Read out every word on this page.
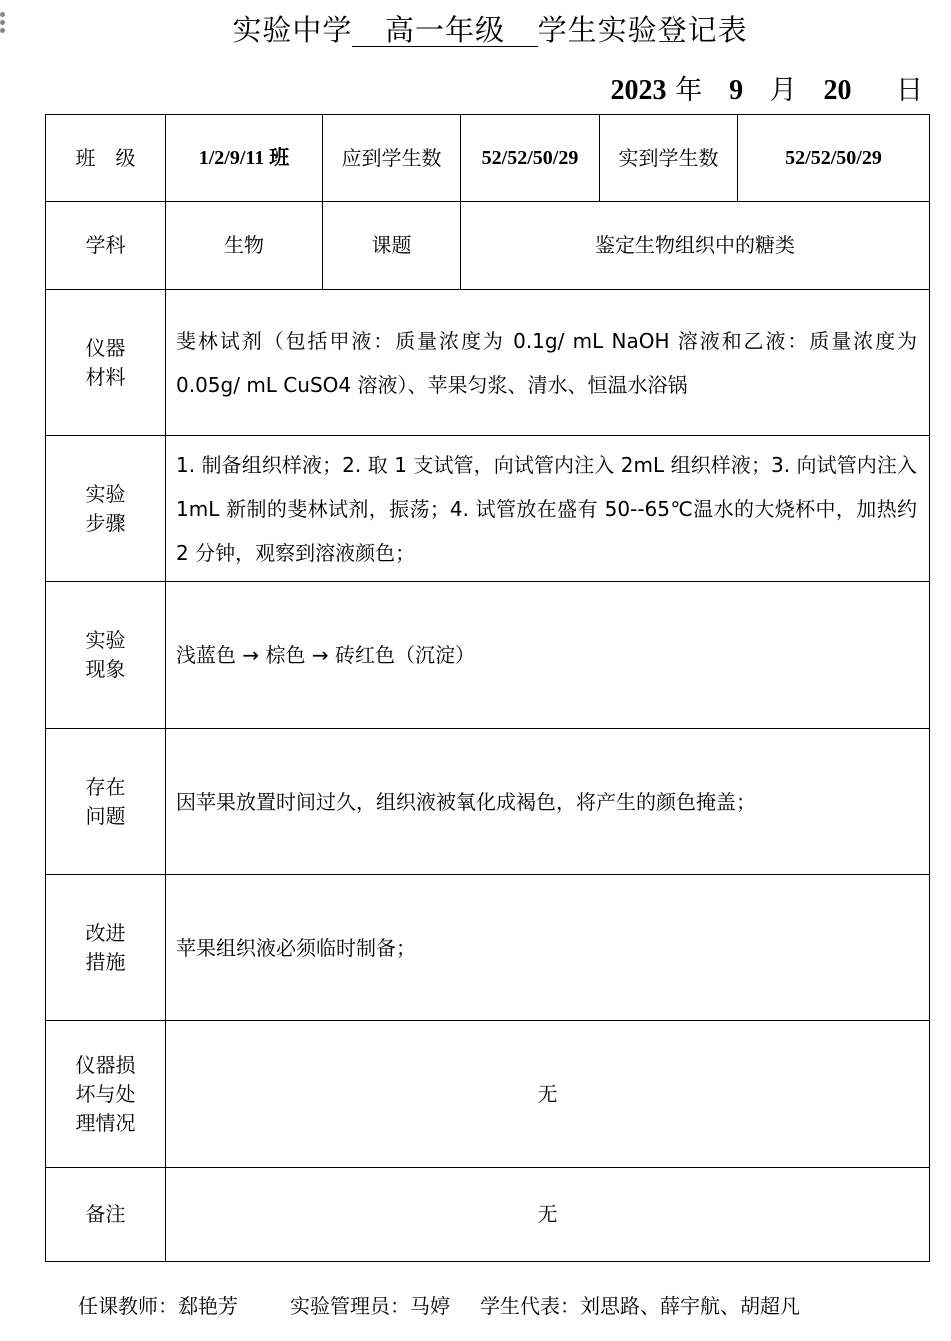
实验中学 高一年级 学生实验登记表
2023 年 9 月 20 日
班　级	1/2/9/11 班	应到学生数	52/52/50/29	实到学生数	52/52/50/29
学科	生物	课题	鉴定生物组织中的糖类		
仪器
材料	斐林试剂（包括甲液：质量浓度为 0.1g/ mL NaOH 溶液和乙液：质量浓度为 0.05g/ mL CuSO4 溶液）、苹果匀浆、清水、恒温水浴锅				
实验
步骤	1. 制备组织样液；2. 取 1 支试管，向试管内注入 2mL 组织样液；3. 向试管内注入 1mL 新制的斐林试剂，振荡；4. 试管放在盛有 50--65℃温水的大烧杯中，加热约 2 分钟，观察到溶液颜色；				
实验
现象	浅蓝色 → 棕色 → 砖红色（沉淀）				
存在
问题	因苹果放置时间过久，组织液被氧化成褐色，将产生的颜色掩盖；				
改进
措施	苹果组织液必须临时制备；				
仪器损
坏与处
理情况	无				
备注	无				
任课教师：郄艳芳	实验管理员：马婷 学生代表：刘思路、薛宇航、胡超凡
